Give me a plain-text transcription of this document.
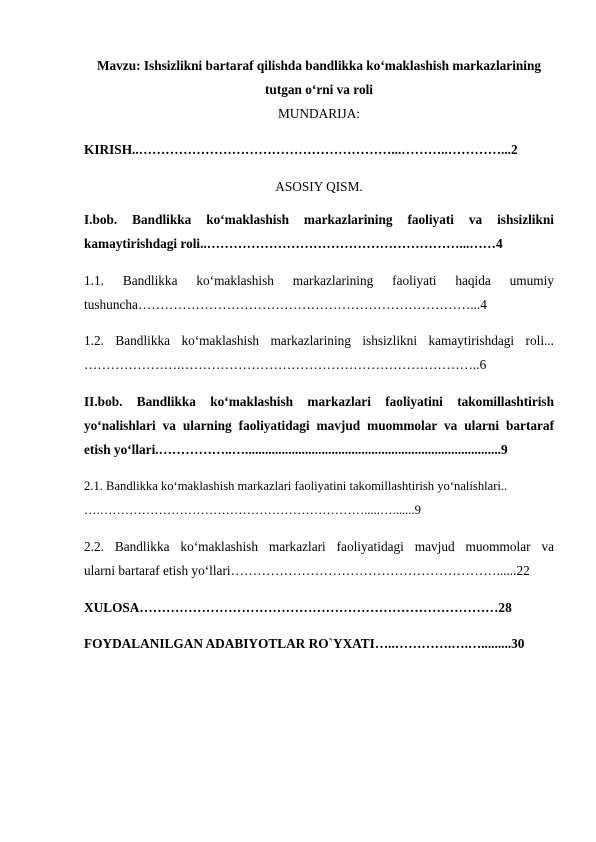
Mavzu: Ishsizlikni bartaraf qilishda bandlikka ko‘maklashish markazlarining
tutgan o‘rni va roli
MUNDARIJA:
KIRISH..…………………………………………………...………..…………...2
ASOSIY QISM.
I.bob. Bandlikka ko‘maklashish markazlarining faoliyati va ishsizlikni
kamaytirishdagi roli..…………………………………………………...……4
1.1. Bandlikka ko‘maklashish markazlarining faoliyati haqida umumiy
tushuncha…………………………………………………………………...4
1.2. Bandlikka ko‘maklashish markazlarining ishsizlikni kamaytirishdagi roli...
………………….…………………………………………………………..6
II.bob. Bandlikka ko‘maklashish markazlari faoliyatini takomillashtirish
yo‘nalishlari va ularning faoliyatidagi mavjud muommolar va ularni bartaraf
etish yo‘llari.……………..….............................................................................9
2.1. Bandlikka ko‘maklashish markazlari faoliyatini takomillashtirish yo‘nalishlari..
….……………………………………………………….....….......9
2.2. Bandlikka ko‘maklashish markazlari faoliyatidagi mavjud muommolar va
ularni bartaraf etish yo‘llari……………………………………………………......22
XULOSA………………………………………………………………………28
FOYDALANILGAN ADABIYOTLAR RO`YXATI…..………….….….........30
